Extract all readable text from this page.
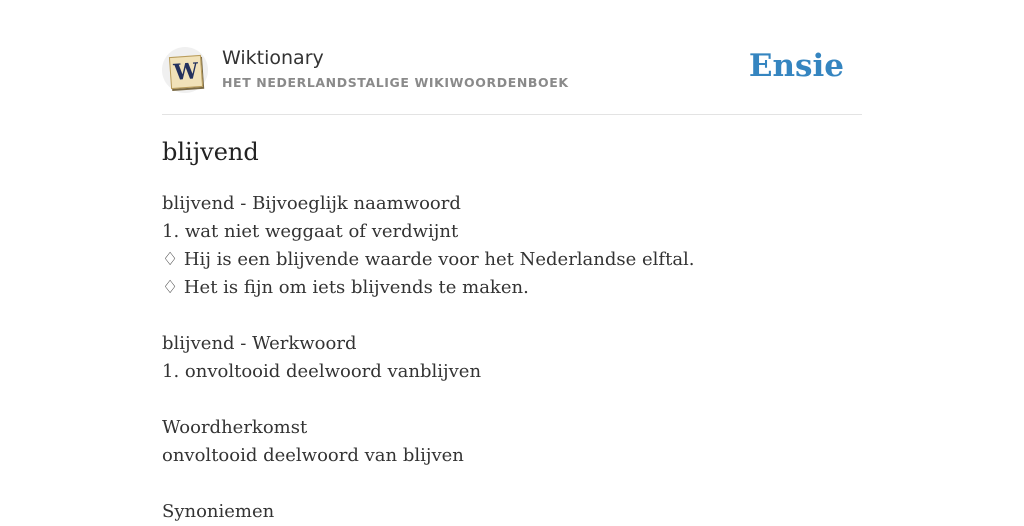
W

Wiktionary

HET NEDERLANDSTALIGE WIKIWOORDENBOEK	Ensie
blijvend
blijvend - Bijvoeglijk naamwoord
1. wat niet weggaat of verdwijnt
♢ Hij is een blijvende waarde voor het Nederlandse elftal.
♢ Het is fijn om iets blijvends te maken.
blijvend - Werkwoord
1. onvoltooid deelwoord vanblijven
Woordherkomst
onvoltooid deelwoord van blijven
Synoniemen
